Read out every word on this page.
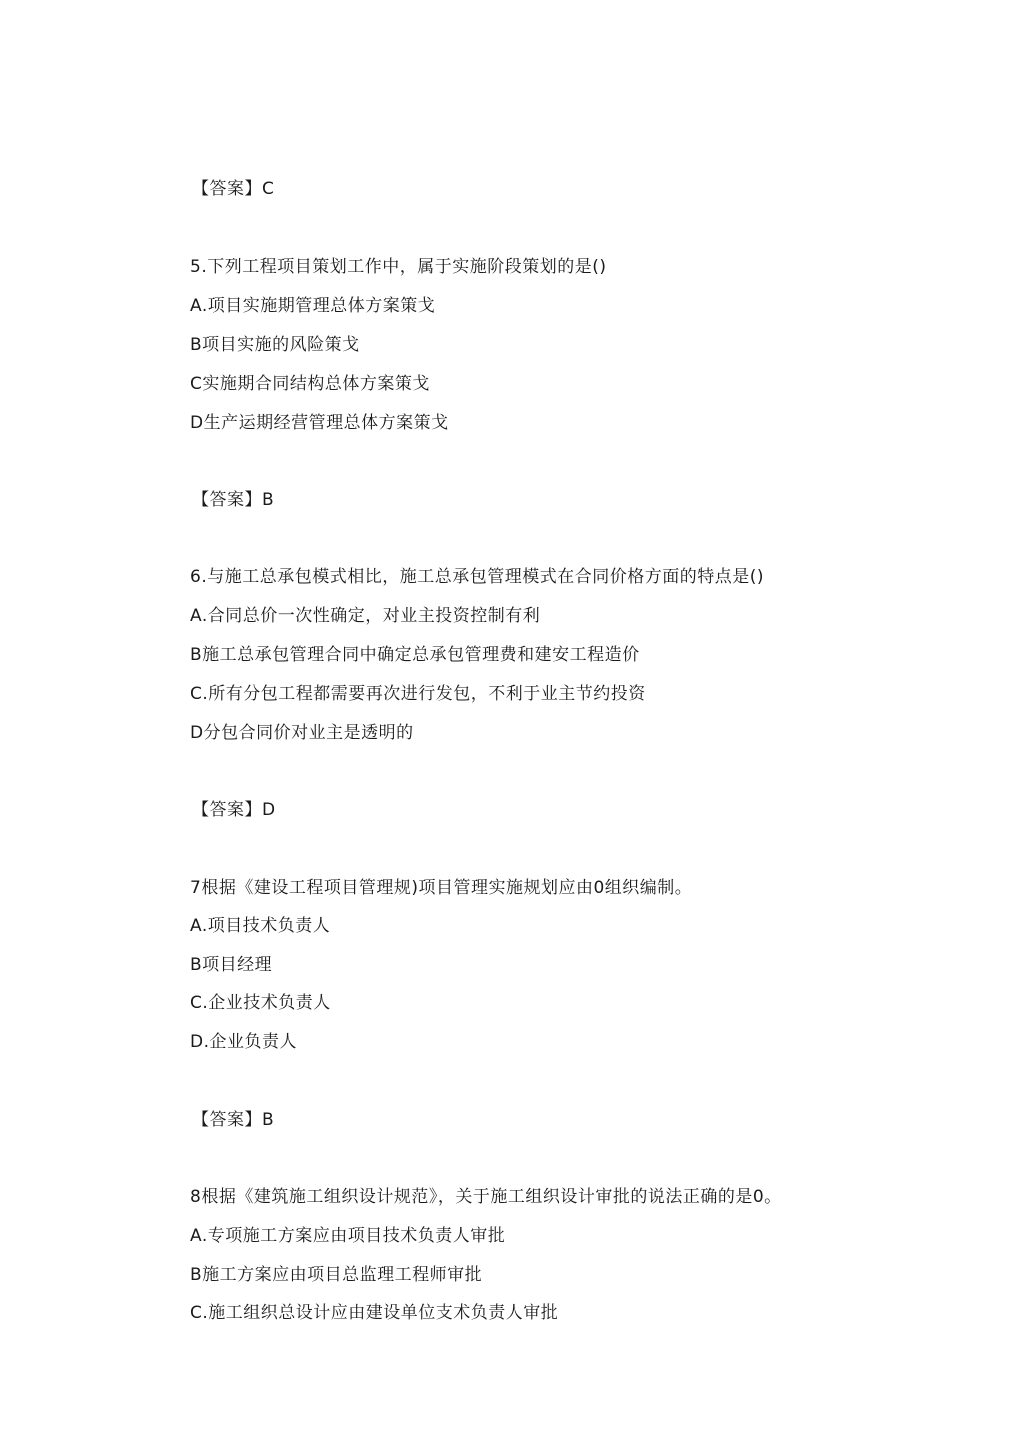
【答案】C
5.下列工程项目策划工作中，属于实施阶段策划的是()
A.项目实施期管理总体方案策戈
B项目实施的风险策戈
C实施期合同结构总体方案策戈
D生产运期经营管理总体方案策戈
【答案】B
6.与施工总承包模式相比，施工总承包管理模式在合同价格方面的特点是()
A.合同总价一次性确定，对业主投资控制有利
B施工总承包管理合同中确定总承包管理费和建安工程造价
C.所有分包工程都需要再次进行发包，不利于业主节约投资
D分包合同价对业主是透明的
【答案】D
7根据《建设工程项目管理规)项目管理实施规划应由0组织编制。
A.项目技术负责人
B项目经理
C.企业技术负责人
D.企业负责人
【答案】B
8根据《建筑施工组织设计规范》，关于施工组织设计审批的说法正确的是0。
A.专项施工方案应由项目技术负责人审批
B施工方案应由项目总监理工程师审批
C.施工组织总设计应由建设单位支术负责人审批
